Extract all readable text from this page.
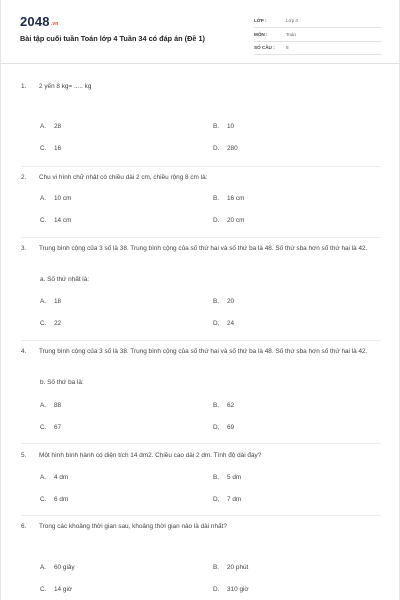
2048.vn
Bài tập cuối tuần Toán lớp 4 Tuần 34 có đáp án (Đề 1)
LỚP :	Lớp 4
MÔN :	Toán
SỐ CÂU : 8
1. 2 yến 8 kg= ..... kg
A. 28	B. 10
C. 16	D. 280
2. Chu vi hình chữ nhật có chiều dài 2 cm, chiều rộng 8 cm là:
A. 10 cm	B. 16 cm
C. 14 cm	D. 20 cm
3. Trung bình cộng của 3 số là 38. Trung bình cộng của số thứ hai và số thứ ba là 48. Số thứ sba hơn số thứ hai là 42.
a. Số thứ nhất là:
A. 18	B. 20
C. 22	D. 24
4. Trung bình cộng của 3 số là 38. Trung bình cộng của số thứ hai và số thứ ba là 48. Số thứ sba hơn số thứ hai là 42.
b. Số thứ ba là:
A. 88	B. 62
C. 67	D. 69
5. Một hình bình hành có diện tích 14 dm2. Chiều cao dài 2 dm. Tính độ dài đáy?
A. 4 dm	B. 5 dm
C. 6 dm	D. 7 dm
6. Trong các khoảng thời gian sau, khoảng thời gian nào là dài nhất?
A. 60 giây	B. 20 phút
C. 14 giờ	D. 310 giờ
